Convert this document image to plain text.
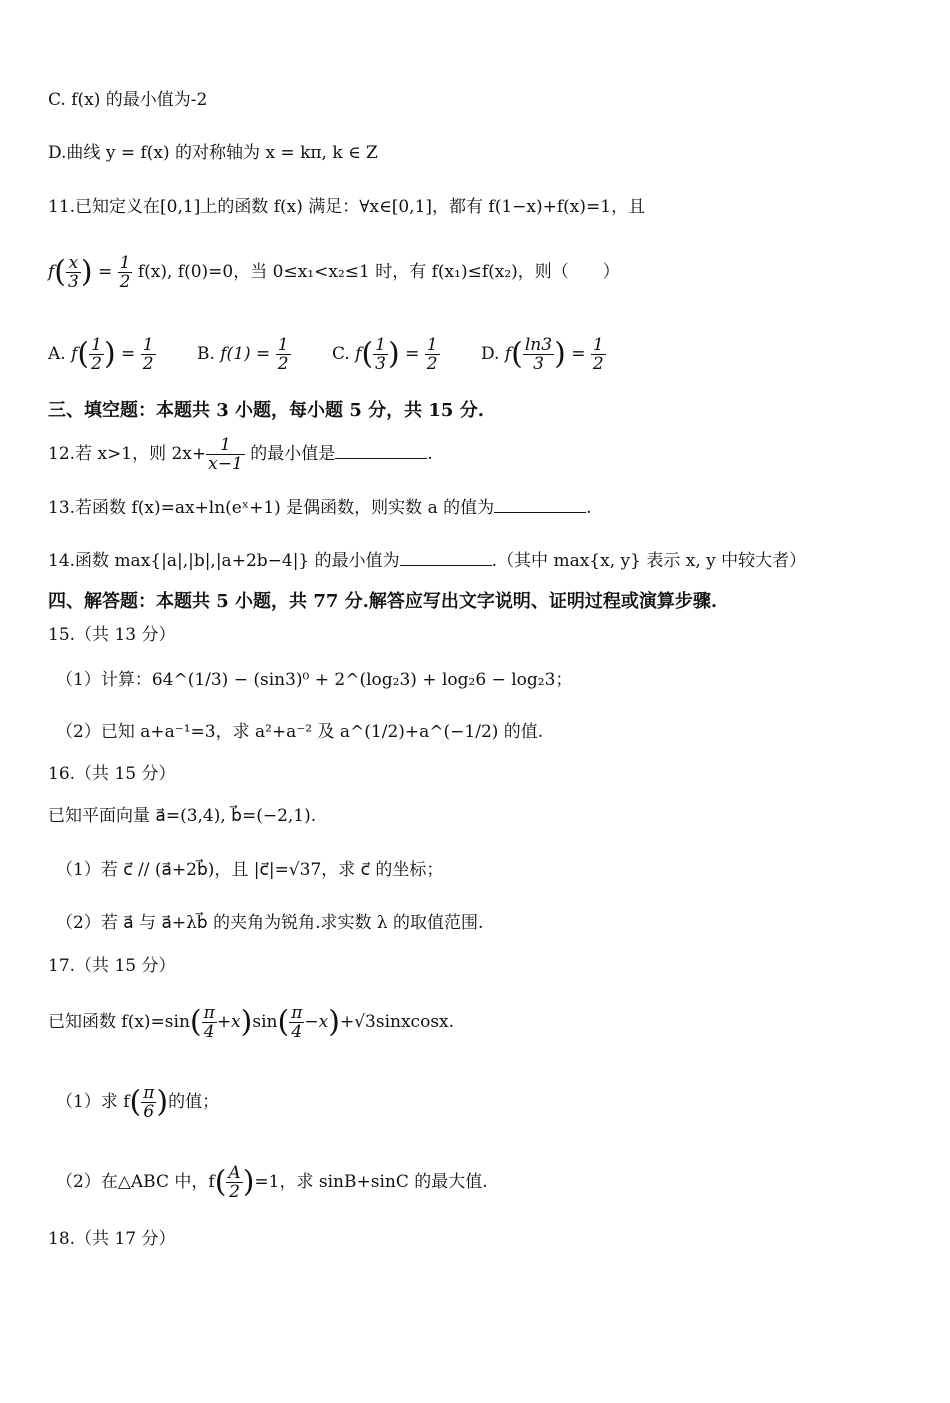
C. f(x) 的最小值为-2
D.曲线 y = f(x) 的对称轴为 x = kπ, k ∈ Z
11.已知定义在[0,1]上的函数 f(x) 满足：∀x∈[0,1]，都有 f(1−x)+f(x)=1，且
$f( \frac{x}{3}$ ) = $\frac{1}{2} f(x)$, f(0)=0，当 0≤x₁<x₂≤1 时，有 f(x₁)≤f(x₂)，则（　　）
A. $f( \frac{1}{2}$ ) = $\frac{1}{2} B$. $f(1) = \frac{1}{2} C$. $f( \frac{1}{3}$ ) = $\frac{1}{2} D$. $f( \frac{\ln 3}{3}$ ) = $\frac{1}{2}$
三、填空题：本题共 3 小题，每小题 5 分，共 15 分.
12.若 x>1，则 $2x+ \frac{1}{x-1}$ 的最小值是	.
13.若函数 f(x)=ax+ln(eˣ+1) 是偶函数，则实数 a 的值为	.
14.函数 max{|a|,|b|,|a+2b−4|} 的最小值为	.（其中 max{x, y} 表示 x, y 中较大者）
四、解答题：本题共 5 小题，共 77 分.解答应写出文字说明、证明过程或演算步骤.
15.（共 13 分）
（1）计算：64^(1/3) − (sin3)⁰ + 2^(log₂3) + log₂6 − log₂3；
（2）已知 a+a⁻¹=3，求 a²+a⁻² 及 a^(1/2)+a^(−1/2) 的值.
16.（共 15 分）
已知平面向量 a⃗=(3,4), b⃗=(−2,1).
（1）若 c⃗ // (a⃗+2b⃗)，且 |c⃗|=√37，求 c⃗ 的坐标；
（2）若 a⃗ 与 a⃗+λb⃗ 的夹角为锐角.求实数 λ 的取值范围.
17.（共 15 分）
已知函数 $f(x)=\sin( \frac{\pi}{4} +x)\sin( \frac{\pi}{4}$ −x)+√3sinxcosx.
（1）求 $f( \frac{\pi}{6}$ )的值；
（2）在△ABC 中，$f( \frac{A}{2} )=1$，求 sinB+sinC 的最大值.
18.（共 17 分）
